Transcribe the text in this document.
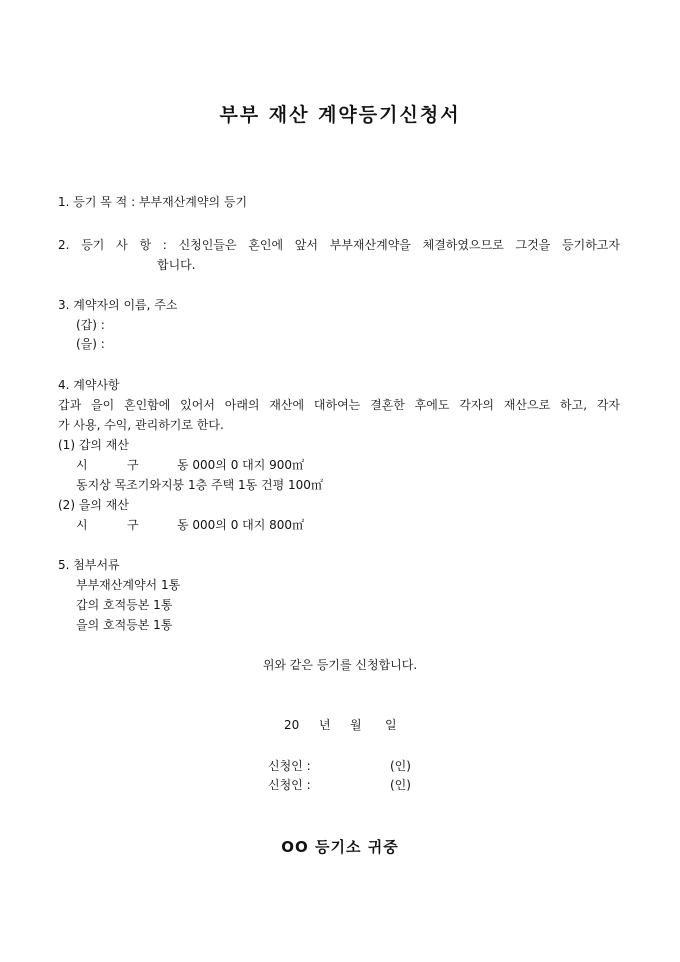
부부 재산 계약등기신청서
1. 등기 목 적 : 부부재산계약의 등기
2. 등기 사 항 : 신청인들은 혼인에 앞서 부부재산계약을 체결하였으므로 그것을 등기하고자
합니다.
3. 계약자의 이름, 주소
(갑) :
(을) :
4. 계약사항
갑과 을이 혼인함에 있어서 아래의 재산에 대하여는 결혼한 후에도 각자의 재산으로 하고, 각자
가 사용, 수익, 관리하기로 한다.
(1) 갑의 재산
시	구	동 000의 0 대지 900㎡
동지상 목조기와지붕 1층 주택 1동 건평 100㎡
(2) 을의 재산
시	구	동 000의 0 대지 800㎡
5. 첨부서류
부부재산계약서 1통
갑의 호적등본 1통
을의 호적등본 1통
위와 같은 등기를 신청합니다.
20 년 월 일
신청인 :	(인)
신청인 :	(인)
OO 등기소 귀중
